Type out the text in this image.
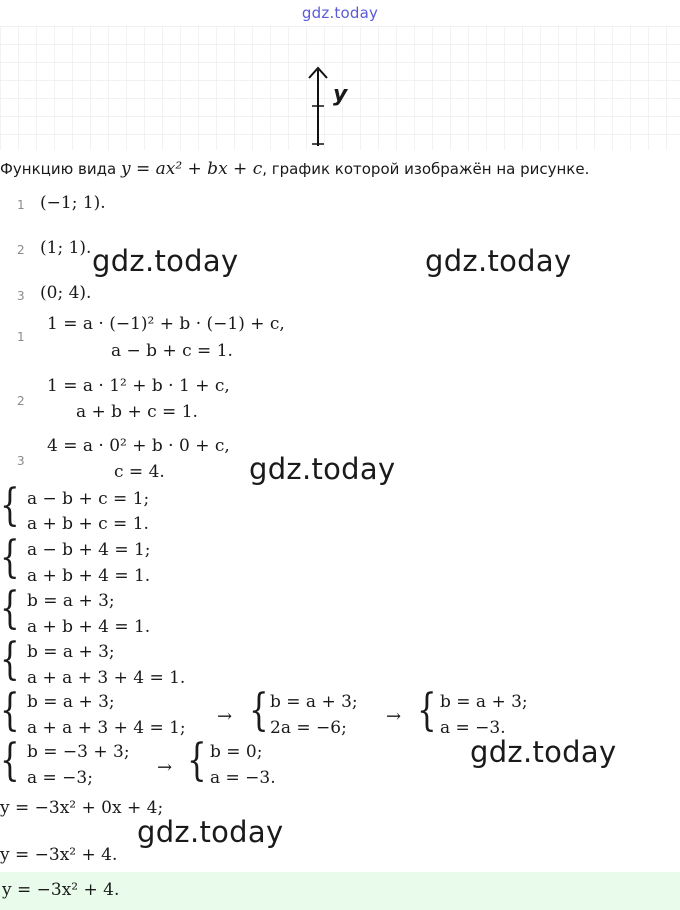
gdz.today
y
Функцию вида y = ax² + bx + c, график которой изображён на рисунке.
1 (−1; 1).
2 (1; 1).
3 (0; 4).
1
1 = a · (−1)² + b · (−1) + c,
a − b + c = 1.
2
1 = a · 1² + b · 1 + c,
a + b + c = 1.
3
4 = a · 0² + b · 0 + c,
c = 4.
{ a − b + c = 1;
a + b + c = 1.
{ a − b + 4 = 1;
a + b + 4 = 1.
{ b = a + 3;
a + b + 4 = 1.
{ b = a + 3;
a + a + 3 + 4 = 1.
{ b = a + 3;
a + a + 3 + 4 = 1;
→ { b = a + 3;
2a = −6;
→ { b = a + 3;
a = −3.
{ b = −3 + 3;
a = −3;	→ { b = 0;
a = −3.
y = −3x² + 0x + 4;
y = −3x² + 4.
y = −3x² + 4.
gdz.today	gdz.today
gdz.today
gdz.today
gdz.today
